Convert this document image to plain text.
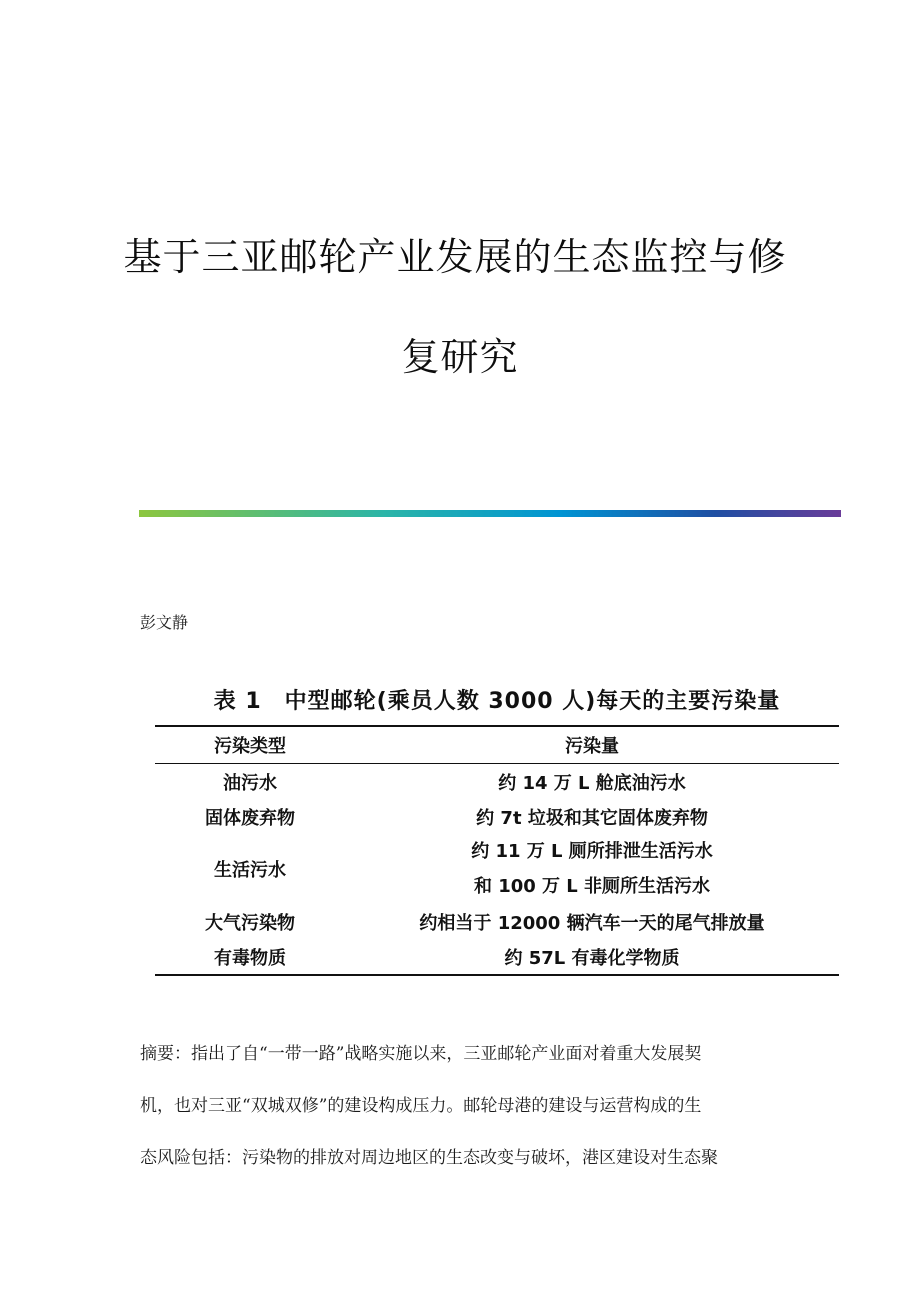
基于三亚邮轮产业发展的生态监控与修
复研究
彭文静
表 1　中型邮轮(乘员人数 3000 人)每天的主要污染量
污染类型	污染量
油污水	约 14 万 L 舱底油污水
固体废弃物	约 7t 垃圾和其它固体废弃物
生活污水	约 11 万 L 厕所排泄生活污水
和 100 万 L 非厕所生活污水

大气污染物	约相当于 12000 辆汽车一天的尾气排放量
有毒物质	约 57L 有毒化学物质
摘要：指出了自“一带一路”战略实施以来，三亚邮轮产业面对着重大发展契
机，也对三亚“双城双修”的建设构成压力。邮轮母港的建设与运营构成的生
态风险包括：污染物的排放对周边地区的生态改变与破坏，港区建设对生态聚
